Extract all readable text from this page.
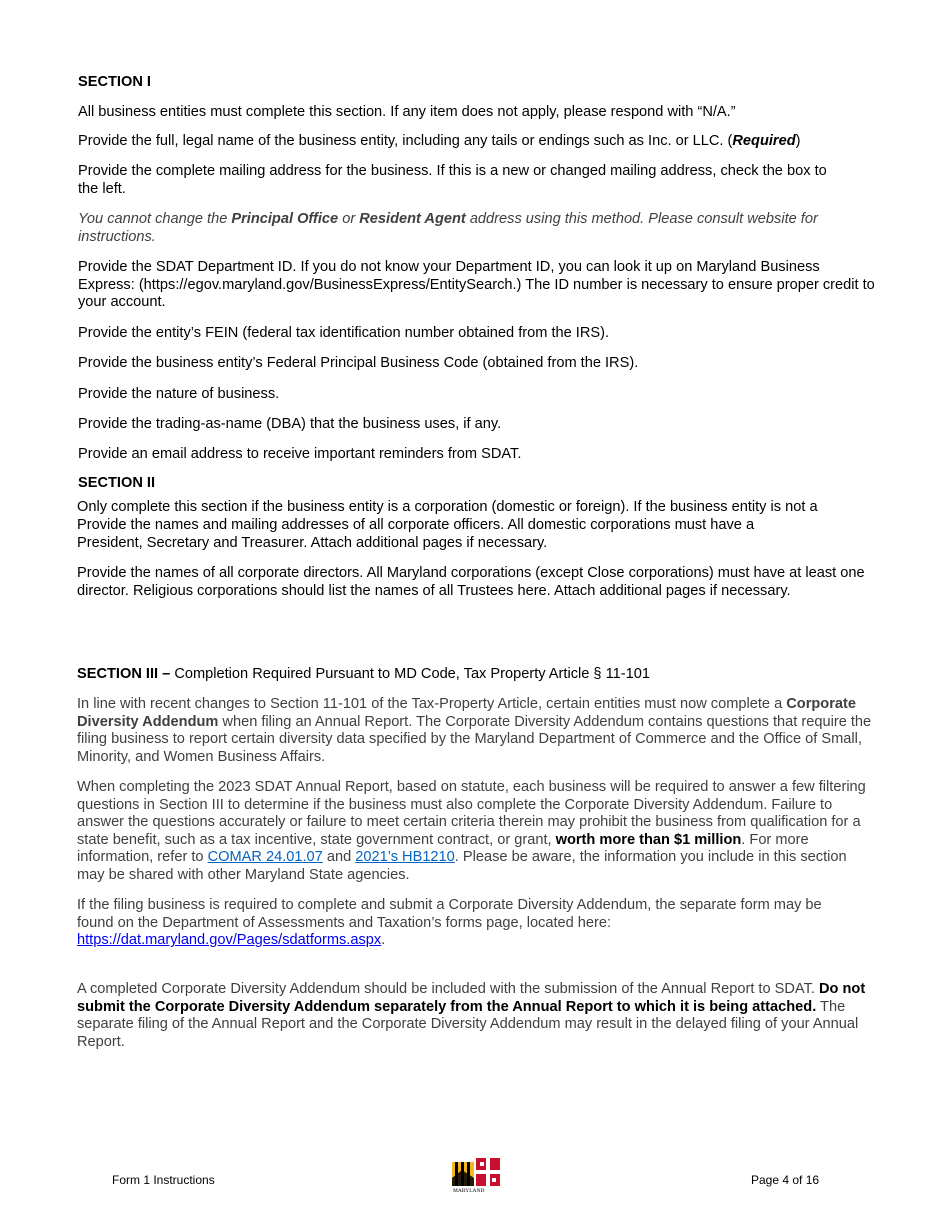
SECTION I

All business entities must complete this section. If any item does not apply, please respond with “N/A.”

Provide the full, legal name of the business entity, including any tails or endings such as Inc. or LLC. (Required)

Provide the complete mailing address for the business. If this is a new or changed mailing address, check the box to the left.

You cannot change the Principal Office or Resident Agent address using this method. Please consult website for instructions.

Provide the SDAT Department ID. If you do not know your Department ID, you can look it up on Maryland Business Express: (https://egov.maryland.gov/BusinessExpress/EntitySearch.) The ID number is necessary to ensure proper credit to your account.

Provide the entity’s FEIN (federal tax identification number obtained from the IRS).

Provide the business entity’s Federal Principal Business Code (obtained from the IRS).

Provide the nature of business.

Provide the trading-as-name (DBA) that the business uses, if any.

Provide an email address to receive important reminders from SDAT.

SECTION II

Only complete this section if the business entity is a corporation (domestic or foreign). If the business entity is not a

Provide the names and mailing addresses of all corporate officers. All domestic corporations must have a President, Secretary and Treasurer. Attach additional pages if necessary.

Provide the names of all corporate directors. All Maryland corporations (except Close corporations) must have at least one director. Religious corporations should list the names of all Trustees here. Attach additional pages if necessary.

SECTION III – Completion Required Pursuant to MD Code, Tax Property Article § 11-101

In line with recent changes to Section 11-101 of the Tax-Property Article, certain entities must now complete a Corporate Diversity Addendum when filing an Annual Report. The Corporate Diversity Addendum contains questions that require the filing business to report certain diversity data specified by the Maryland Department of Commerce and the Office of Small, Minority, and Women Business Affairs.

When completing the 2023 SDAT Annual Report, based on statute, each business will be required to answer a few filtering questions in Section III to determine if the business must also complete the Corporate Diversity Addendum. Failure to answer the questions accurately or failure to meet certain criteria therein may prohibit the business from qualification for a state benefit, such as a tax incentive, state government contract, or grant, worth more than $1 million. For more information, refer to COMAR 24.01.07 and 2021’s HB1210. Please be aware, the information you include in this section may be shared with other Maryland State agencies.

If the filing business is required to complete and submit a Corporate Diversity Addendum, the separate form may be found on the Department of Assessments and Taxation’s forms page, located here: https://dat.maryland.gov/Pages/sdatforms.aspx.

A completed Corporate Diversity Addendum should be included with the submission of the Annual Report to SDAT. Do not submit the Corporate Diversity Addendum separately from the Annual Report to which it is being attached. The separate filing of the Annual Report and the Corporate Diversity Addendum may result in the delayed filing of your Annual Report.

Form 1 Instructions
MARYLAND
Page 4 of 16
